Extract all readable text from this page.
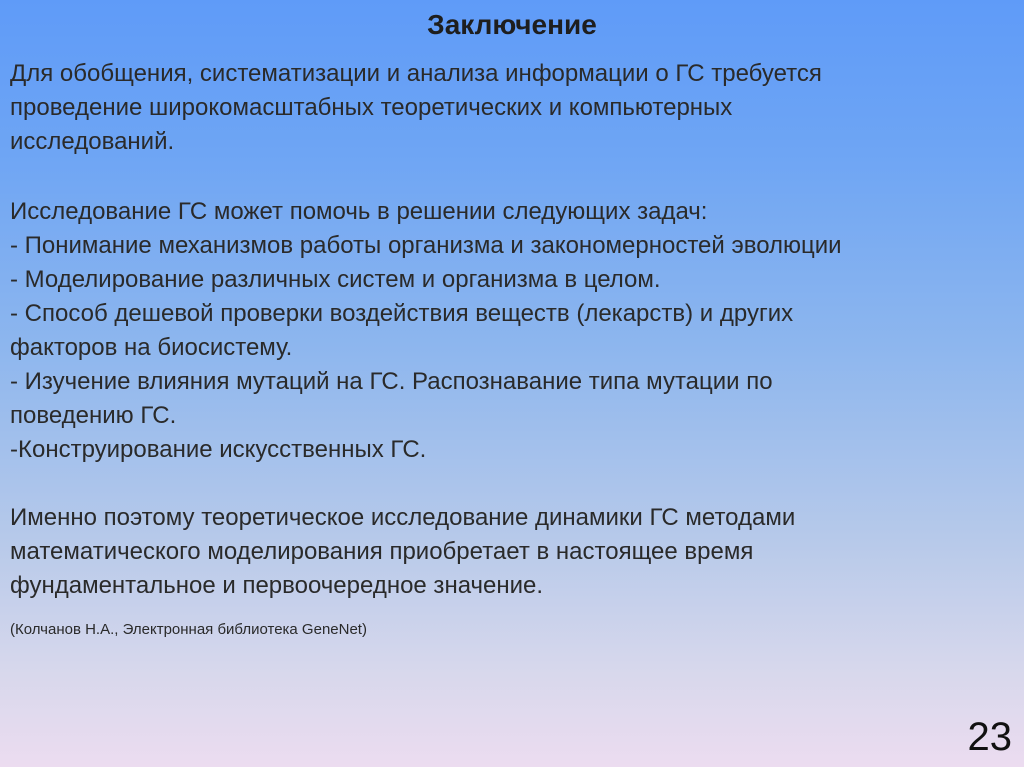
Заключение
Для обобщения, систематизации и анализа информации о ГС требуется
проведение широкомасштабных теоретических и компьютерных
исследований.
Исследование ГС может помочь в решении следующих задач:
- Понимание механизмов работы организма и закономерностей эволюции
- Моделирование различных систем и организма в целом.
- Способ дешевой проверки воздействия веществ (лекарств) и других
факторов на биосистему.
- Изучение влияния мутаций на ГС. Распознавание типа мутации по
поведению ГС.
-Конструирование искусственных ГС.
Именно поэтому теоретическое исследование динамики ГС методами
математического моделирования приобретает в настоящее время
фундаментальное и первоочередное значение.
(Колчанов Н.А., Электронная библиотека GeneNet)
23
